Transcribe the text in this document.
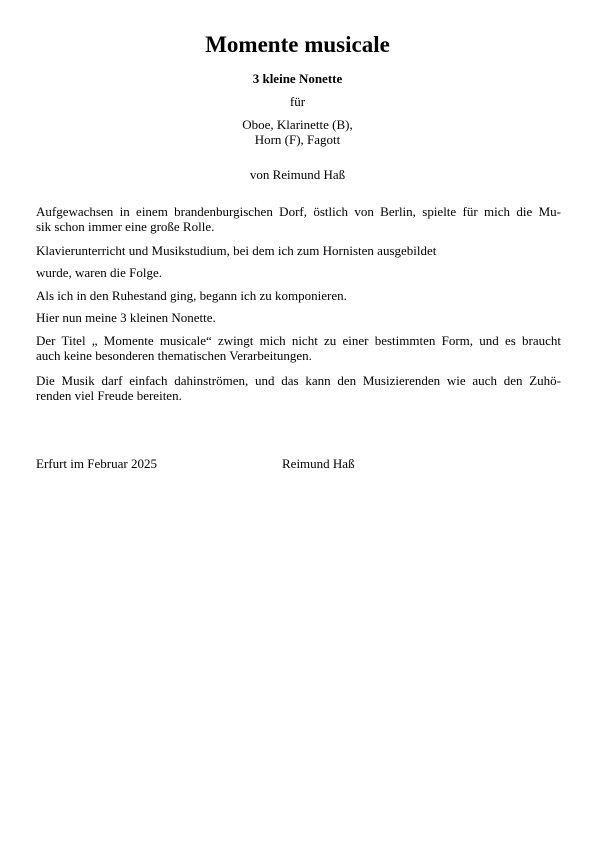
Momente musicale
3 kleine Nonette
für
Oboe, Klarinette (B),
Horn (F), Fagott
von Reimund Haß
Aufgewachsen in einem brandenburgischen Dorf, östlich von Berlin, spielte für mich die Mu-
sik schon immer eine große Rolle.
Klavierunterricht und Musikstudium, bei dem ich zum Hornisten ausgebildet
wurde, waren die Folge.
Als ich in den Ruhestand ging, begann ich zu komponieren.
Hier nun meine 3 kleinen Nonette.
Der Titel „ Momente musicale“ zwingt mich nicht zu einer bestimmten Form, und es braucht
auch keine besonderen thematischen Verarbeitungen.
Die Musik darf einfach dahinströmen, und das kann den Musizierenden wie auch den Zuhö-
renden viel Freude bereiten.
Erfurt im Februar 2025	Reimund Haß
